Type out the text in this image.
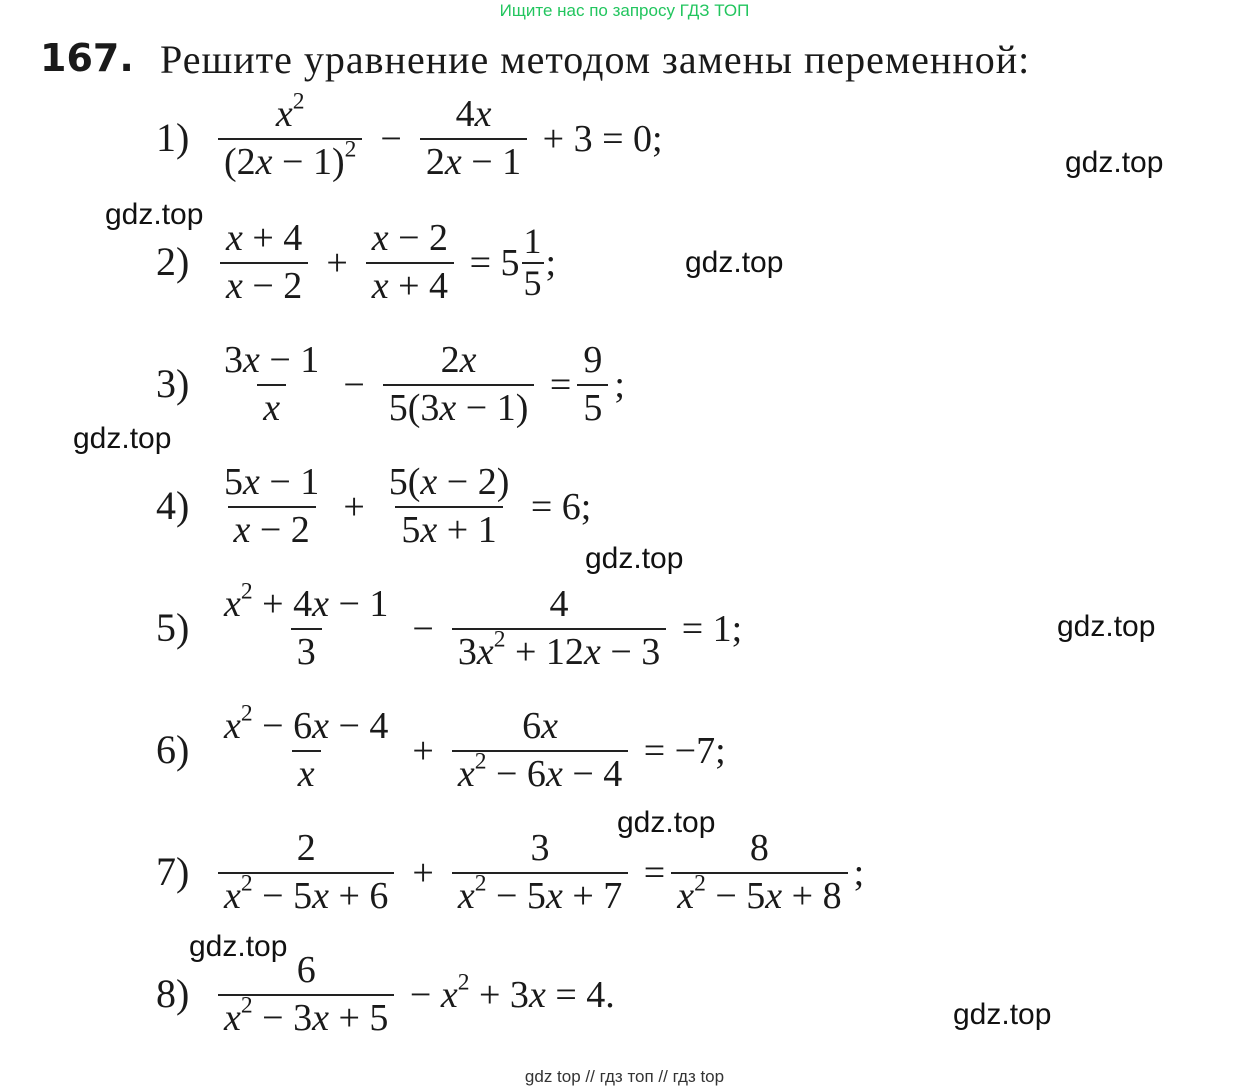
Ищите нас по запросу ГДЗ ТОП
167. Решите уравнение методом замены переменной:
$1) \frac{x^2}{(2x - 1)^2} - \frac{4x}{2x - 1} + 3 = 0$;
$2) \frac{x + 4}{x - 2} + \frac{x - 2}{x + 4} = 5 \frac{1}{5}$ ;
$3) \frac{3x - 1}{x} - \frac{2x}{5(3x - 1)} = \frac{9}{5}$ ;
$4) \frac{5x - 1}{x - 2} + \frac{5(x - 2)}{5x + 1} = 6$;
$5) \frac{x^2 + 4x - 1}{3} - \frac{4}{3x^2 + 12x - 3} = 1$;
$6) \frac{x^2 - 6x - 4}{x} + \frac{6x}{x^2 - 6x - 4} = -7$;
$7) \frac{2}{x^2 - 5x + 6} + \frac{3}{x^2 - 5x + 7} = \frac{8}{x^2 - 5x + 8}$ ;
$8) \frac{6}{x^2 - 3x + 5} - x^2 + 3x = 4$.
gdz.top
gdz.top
gdz.top
gdz.top
gdz.top
gdz.top
gdz.top
gdz.top
gdz.top
gdz top // гдз топ // гдз top
